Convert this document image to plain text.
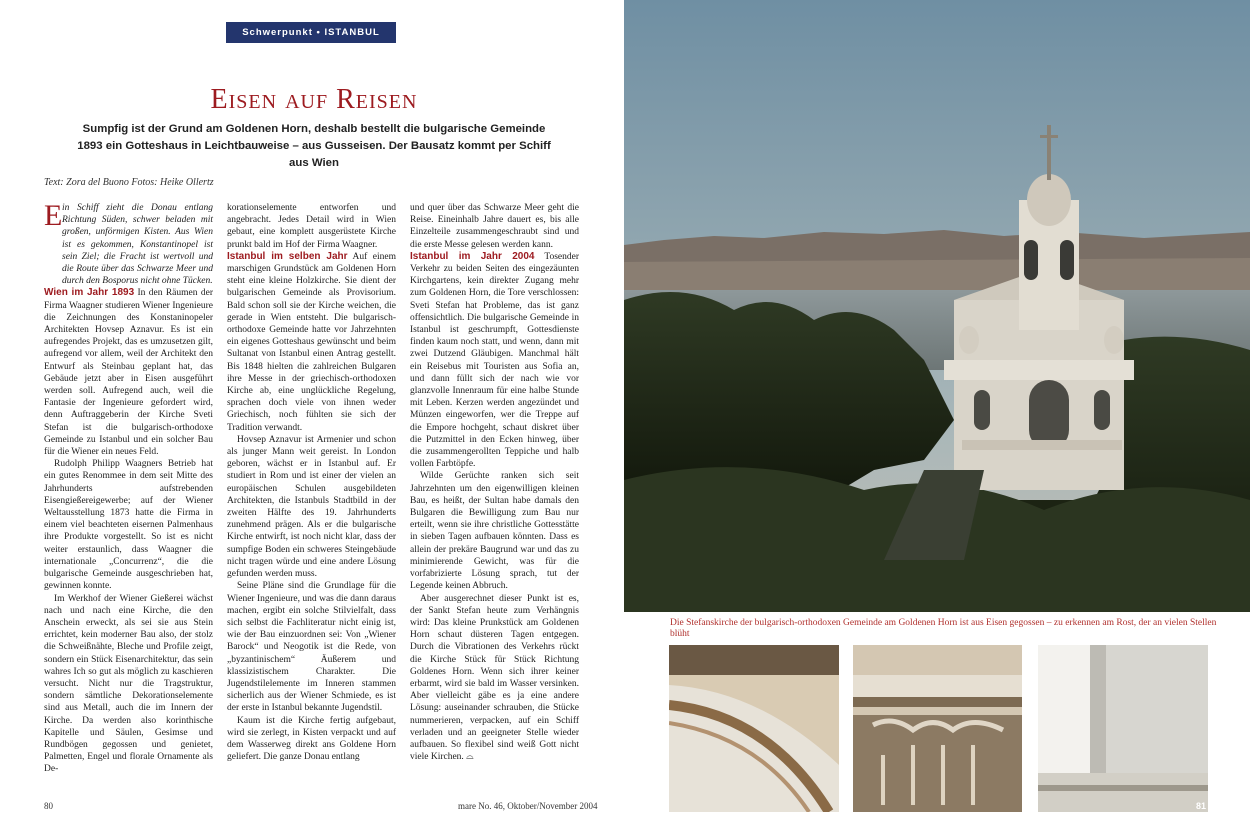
Schwerpunkt • ISTANBUL
Eisen auf Reisen
Sumpfig ist der Grund am Goldenen Horn, deshalb bestellt die bulgarische Gemeinde 1893 ein Gotteshaus in Leichtbauweise – aus Gusseisen. Der Bausatz kommt per Schiff aus Wien
Text: Zora del Buono Fotos: Heike Ollertz

E in Schiff zieht die Donau entlang Richtung Süden, schwer beladen mit großen, unförmigen Kisten. Aus Wien ist es gekommen, Konstantinopel ist sein Ziel; die Fracht ist wertvoll und die Route über das Schwarze Meer und durch den Bosporus nicht ohne Tücken.

Wien im Jahr 1893 In den Räumen der Firma Waagner studieren Wiener Ingenieure die Zeichnungen des Konstaninopeler Architekten Hovsep Aznavur. Es ist ein aufregendes Projekt, das es umzusetzen gilt, aufregend vor allem, weil der Architekt den Entwurf als Steinbau geplant hat, das Gebäude jetzt aber in Eisen ausgeführt werden soll. Aufregend auch, weil die Fantasie der Ingenieure gefordert wird, denn Auftraggeberin der Kirche Sveti Stefan ist die bulgarisch-orthodoxe Gemeinde zu Istanbul und ein solcher Bau für die Wiener ein neues Feld.

Rudolph Philipp Waagners Betrieb hat ein gutes Renommee in dem seit Mitte des Jahrhunderts aufstrebenden Eisengießereigewerbe; auf der Wiener Weltausstellung 1873 hatte die Firma in einem viel beachteten eisernen Palmenhaus ihre Produkte vorgestellt. So ist es nicht weiter erstaunlich, dass Waagner die internationale „Concurrenz“, die die bulgarische Gemeinde ausgeschrieben hat, gewinnen konnte.

Im Werkhof der Wiener Gießerei wächst nach und nach eine Kirche, die den Anschein erweckt, als sei sie aus Stein errichtet, kein moderner Bau also, der stolz die Schweißnähte, Bleche und Profile zeigt, sondern ein Stück Eisenarchitektur, das sein wahres Ich so gut als möglich zu kaschieren versucht. Nicht nur die Tragstruktur, sondern sämtliche Dekorationselemente sind aus Metall, auch die im Innern der Kirche. Da werden also korinthische Kapitelle und Säulen, Gesimse und Rundbögen gegossen und genietet, Palmetten, Engel und florale Ornamente als De-

korationselemente entworfen und angebracht. Jedes Detail wird in Wien gebaut, eine komplett ausgerüstete Kirche prunkt bald im Hof der Firma Waagner.

Istanbul im selben Jahr Auf einem marschigen Grundstück am Goldenen Horn steht eine kleine Holzkirche. Sie dient der bulgarischen Gemeinde als Provisorium. Bald schon soll sie der Kirche weichen, die gerade in Wien entsteht. Die bulgarisch-orthodoxe Gemeinde hatte vor Jahrzehnten ein eigenes Gotteshaus gewünscht und beim Sultanat von Istanbul einen Antrag gestellt. Bis 1848 hielten die zahlreichen Bulgaren ihre Messe in der griechisch-orthodoxen Kirche ab, eine unglückliche Regelung, sprachen doch viele von ihnen weder Griechisch, noch fühlten sie sich der Tradition verwandt.

Hovsep Aznavur ist Armenier und schon als junger Mann weit gereist. In London geboren, wächst er in Istanbul auf. Er studiert in Rom und ist einer der vielen an europäischen Schulen ausgebildeten Architekten, die Istanbuls Stadtbild in der zweiten Hälfte des 19. Jahrhunderts zunehmend prägen. Als er die bulgarische Kirche entwirft, ist noch nicht klar, dass der sumpfige Boden ein schweres Steingebäude nicht tragen würde und eine andere Lösung gefunden werden muss.

Seine Pläne sind die Grundlage für die Wiener Ingenieure, und was die dann daraus machen, ergibt ein solche Stilvielfalt, dass sich selbst die Fachliteratur nicht einig ist, wie der Bau einzuordnen sei: Von „Wiener Barock“ und Neogotik ist die Rede, von „byzantinischem“ Äußerem und klassizistischem Charakter. Die Jugendstilelemente im Inneren stammen sicherlich aus der Wiener Schmiede, es ist der erste in Istanbul bekannte Jugendstil.

Kaum ist die Kirche fertig aufgebaut, wird sie zerlegt, in Kisten verpackt und auf dem Wasserweg direkt ans Goldene Horn geliefert. Die ganze Donau entlang

und quer über das Schwarze Meer geht die Reise. Eineinhalb Jahre dauert es, bis alle Einzelteile zusammengeschraubt sind und die erste Messe gelesen werden kann.

Istanbul im Jahr 2004 Tosender Verkehr zu beiden Seiten des eingezäunten Kirchgartens, kein direkter Zugang mehr zum Goldenen Horn, die Tore verschlossen: Sveti Stefan hat Probleme, das ist ganz offensichtlich. Die bulgarische Gemeinde in Istanbul ist geschrumpft, Gottesdienste finden kaum noch statt, und wenn, dann mit zwei Dutzend Gläubigen. Manchmal hält ein Reisebus mit Touristen aus Sofia an, und dann füllt sich der nach wie vor glanzvolle Innenraum für eine halbe Stunde mit Leben. Kerzen werden angezündet und Münzen eingeworfen, wer die Treppe auf die Empore hochgeht, schaut diskret über die Putzmittel in den Ecken hinweg, über die zusammengerollten Teppiche und halb vollen Farbtöpfe.

Wilde Gerüchte ranken sich seit Jahrzehnten um den eigenwilligen kleinen Bau, es heißt, der Sultan habe damals den Bulgaren die Bewilligung zum Bau nur erteilt, wenn sie ihre christliche Gottesstätte in sieben Tagen aufbauen könnten. Dass es allein der prekäre Baugrund war und das zu minimierende Gewicht, was für die vorfabrizierte Lösung sprach, tut der Legende keinen Abbruch.

Aber ausgerechnet dieser Punkt ist es, der Sankt Stefan heute zum Verhängnis wird: Das kleine Prunkstück am Goldenen Horn schaut düsteren Tagen entgegen. Durch die Vibrationen des Verkehrs rückt die Kirche Stück für Stück Richtung Goldenes Horn. Wenn sich ihrer keiner erbarmt, wird sie bald im Wasser versinken. Aber vielleicht gäbe es ja eine andere Lösung: auseinander schrauben, die Stücke nummerieren, verpacken, auf ein Schiff verladen und an geeigneter Stelle wieder aufbauen. So flexibel sind weiß Gott nicht viele Kirchen. ⌓

80	mare No. 46, Oktober/November 2004
Die Stefanskirche der bulgarisch-orthodoxen Gemeinde am Goldenen Horn ist aus Eisen gegossen – zu erkennen am Rost, der an vielen Stellen blüht
81
